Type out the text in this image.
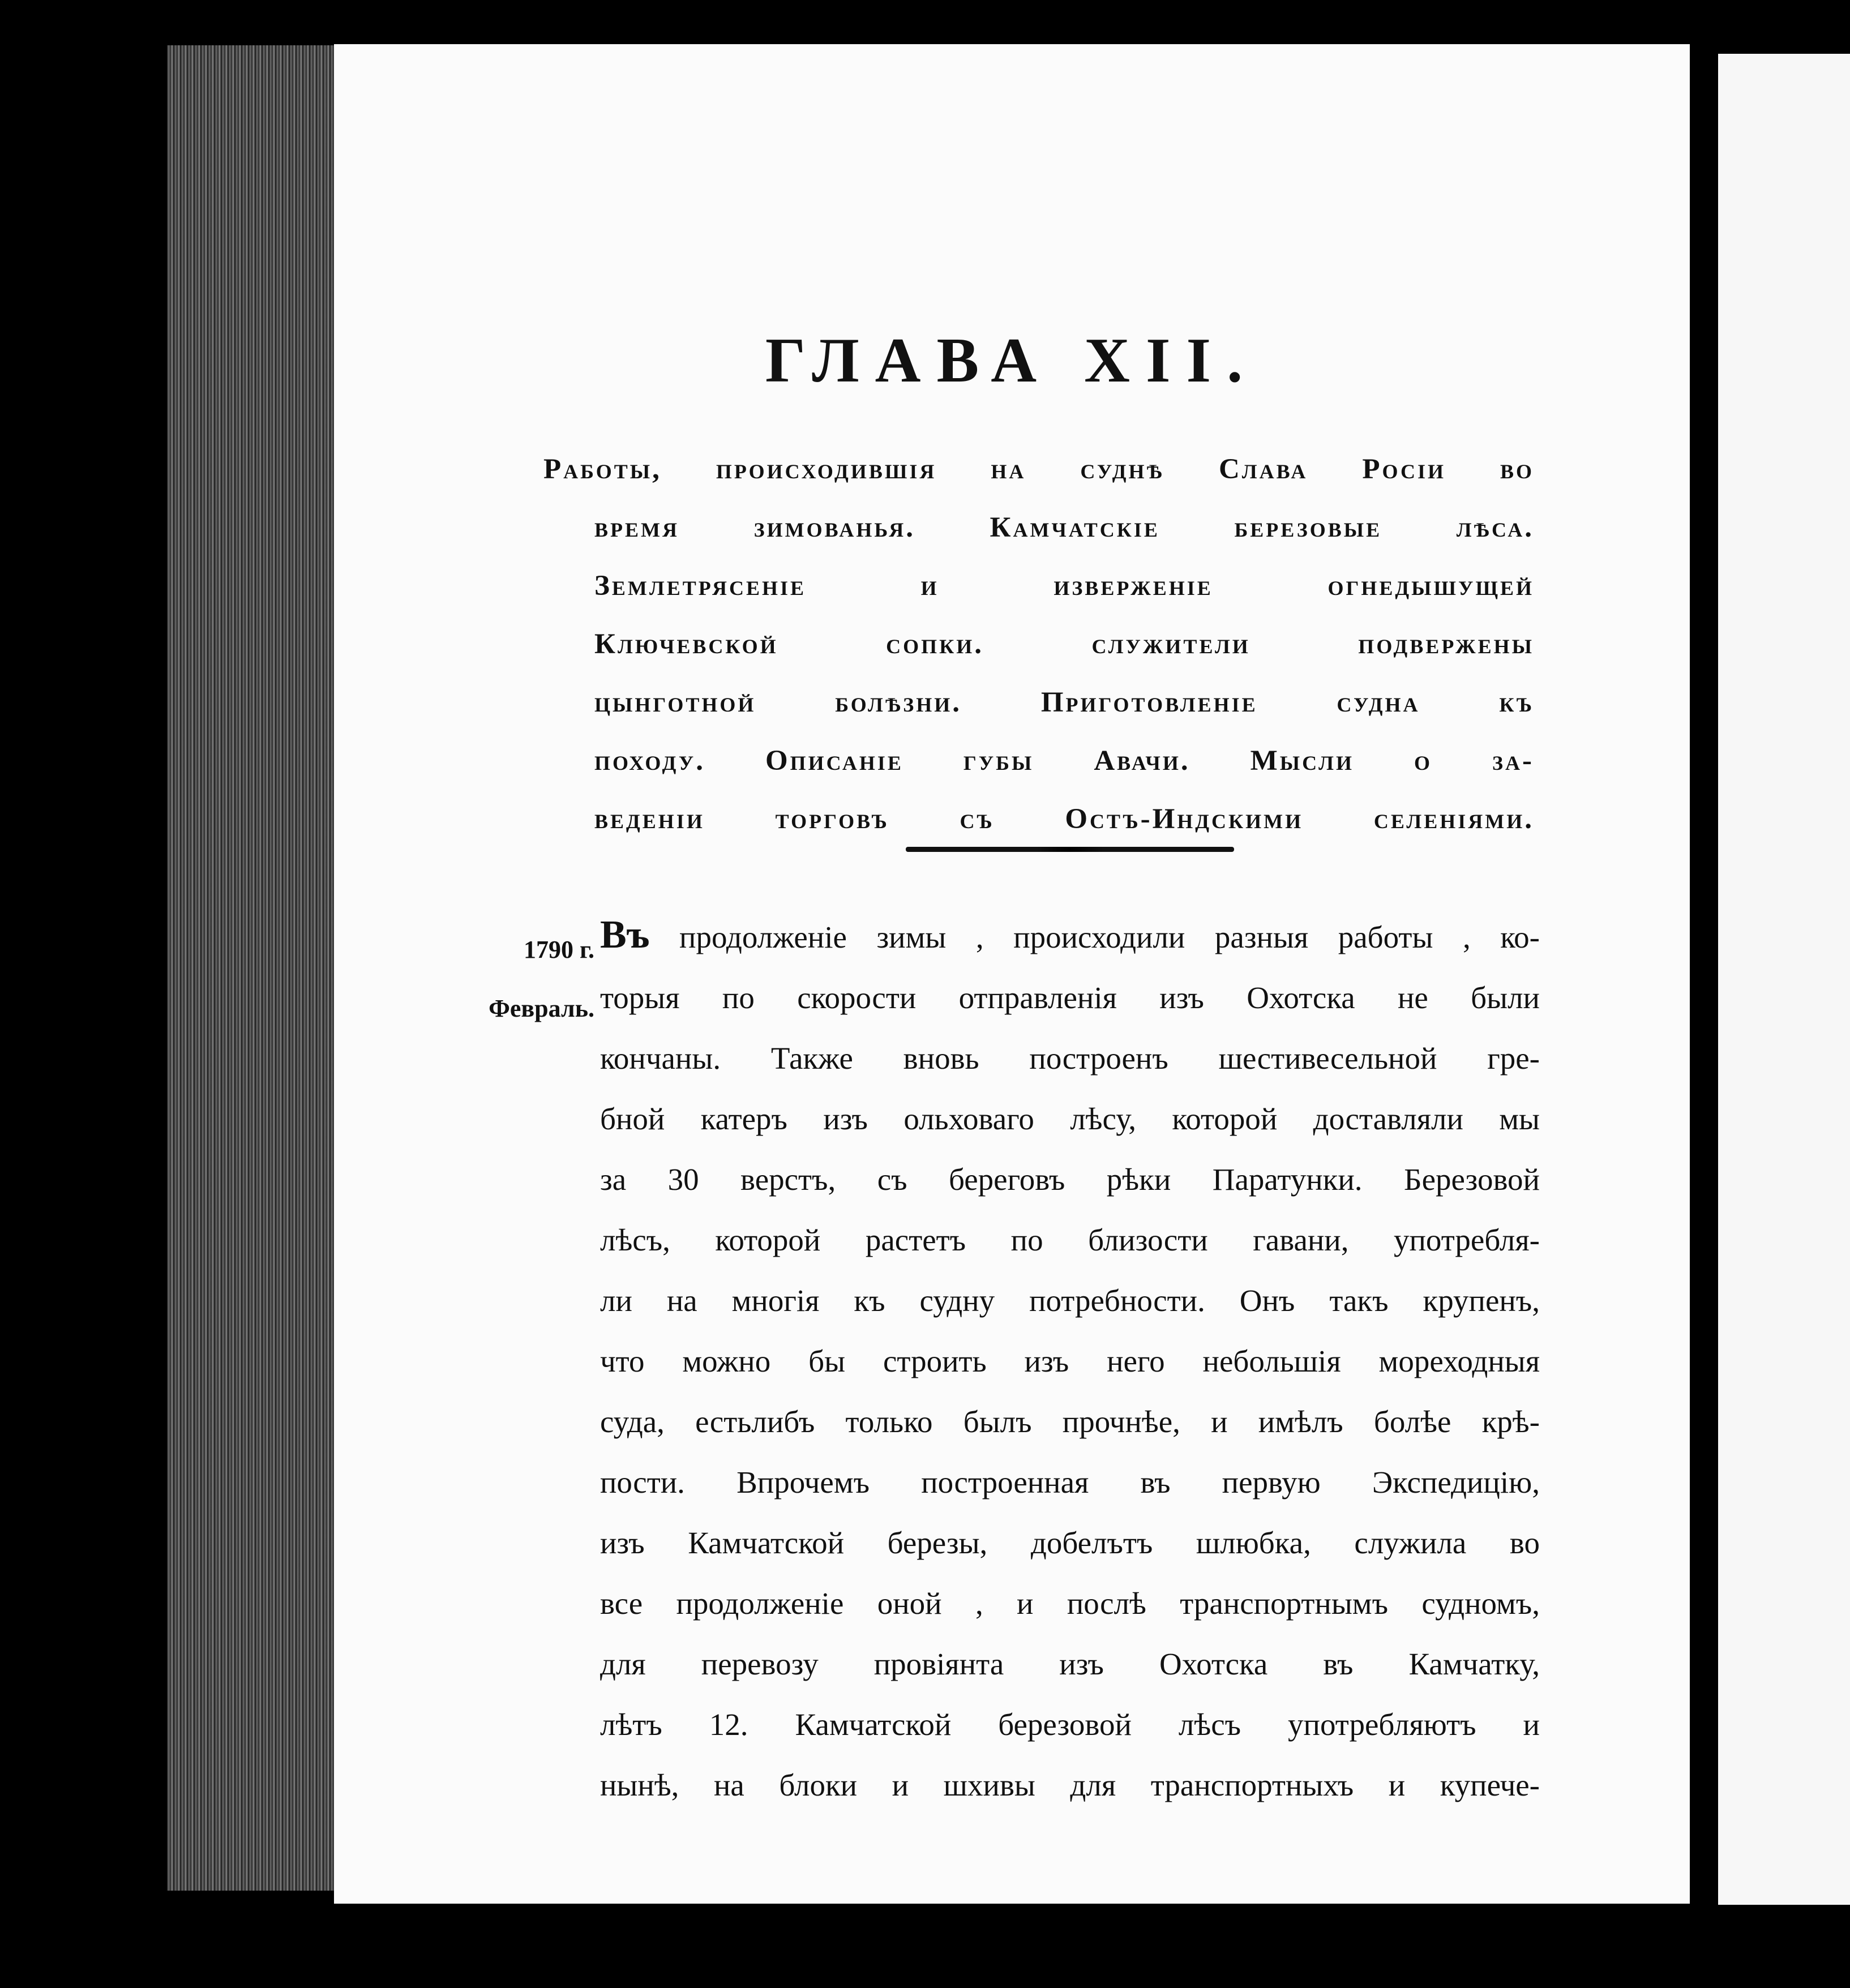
ГЛАВА XII.
Работы, происходившія на суднѣ Слава Росіи во
время зимованья. Камчатскіе березовые лѣса.
Землетрясеніе и изверженіе огнедышущей
Ключевской сопки. служители подвержены
цынготной болѣзни. Приготовленіе судна къ
походу. Описаніе губы Авачи. Мысли о за-
веденіи торговъ съ Остъ-Индскими селеніями.
1790 г.
Февраль.
Въ продолженіе зимы , происходили разныя работы , ко-
торыя по скорости отправленія изъ Охотска не были
кончаны. Также вновь построенъ шестивесельной гре-
бной катеръ изъ ольховаго лѣсу, которой доставляли мы
за 30 верстъ, съ береговъ рѣки Паратунки. Березовой
лѣсъ, которой растетъ по близости гавани, употребля-
ли на многія къ судну потребности. Онъ такъ крупенъ,
что можно бы строить изъ него небольшія мореходныя
суда, естьлибъ только былъ прочнѣе, и имѣлъ болѣе крѣ-
пости. Впрочемъ построенная въ первую Экспедицію,
изъ Камчатской березы, добелътъ шлюбка, служила во
все продолженіе оной , и послѣ транспортнымъ судномъ,
для перевозу провіянта изъ Охотска въ Камчатку,
лѣтъ 12. Камчатской березовой лѣсъ употребляютъ и
нынѣ, на блоки и шхивы для транспортныхъ и купече-
